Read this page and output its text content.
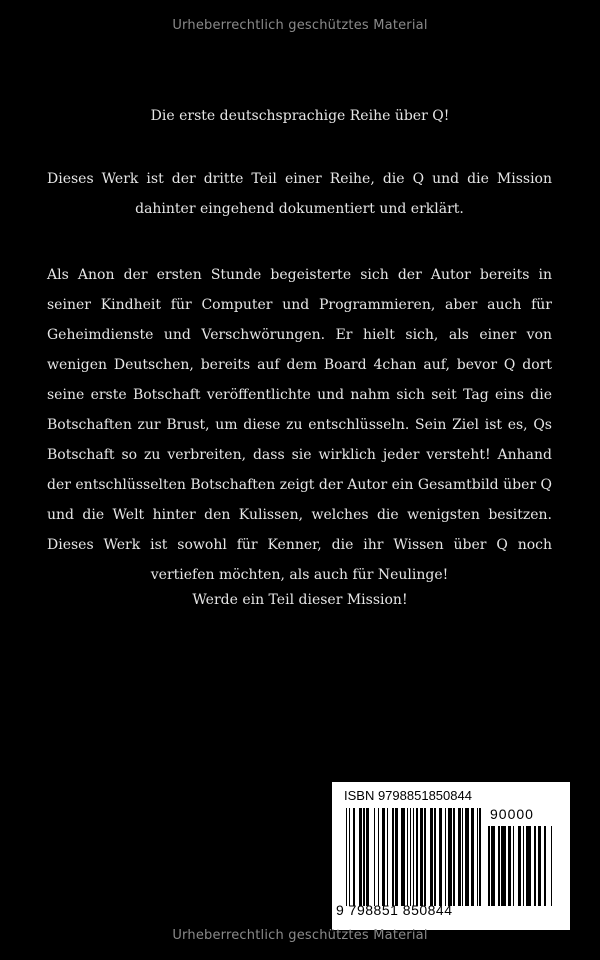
Urheberrechtlich geschütztes Material
Die erste deutschsprachige Reihe über Q!
Dieses Werk ist der dritte Teil einer Reihe, die Q und die Mission dahinter eingehend dokumentiert und erklärt.
Als Anon der ersten Stunde begeisterte sich der Autor bereits in seiner Kindheit für Computer und Programmieren, aber auch für Geheimdienste und Verschwörungen. Er hielt sich, als einer von wenigen Deutschen, bereits auf dem Board 4chan auf, bevor Q dort seine erste Botschaft veröffentlichte und nahm sich seit Tag eins die Botschaften zur Brust, um diese zu entschlüsseln. Sein Ziel ist es, Qs Botschaft so zu verbreiten, dass sie wirklich jeder versteht! Anhand der entschlüsselten Botschaften zeigt der Autor ein Gesamtbild über Q und die Welt hinter den Kulissen, welches die wenigsten besitzen. Dieses Werk ist sowohl für Kenner, die ihr Wissen über Q noch vertiefen möchten, als auch für Neulinge!
Werde ein Teil dieser Mission!
ISBN 9798851850844
90000
9 798851 850844
Urheberrechtlich geschütztes Material
